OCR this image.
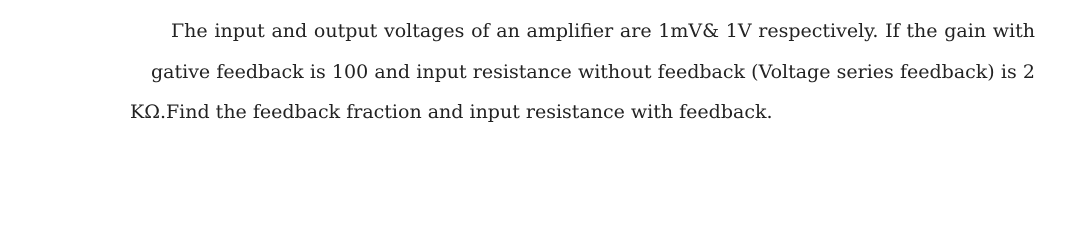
Γhe input and output voltages of an amplifier are 1mV& 1V respectively. If the gain with
gative feedback is 100 and input resistance without feedback (Voltage series feedback) is 2
KΩ.Find the feedback fraction and input resistance with feedback.
